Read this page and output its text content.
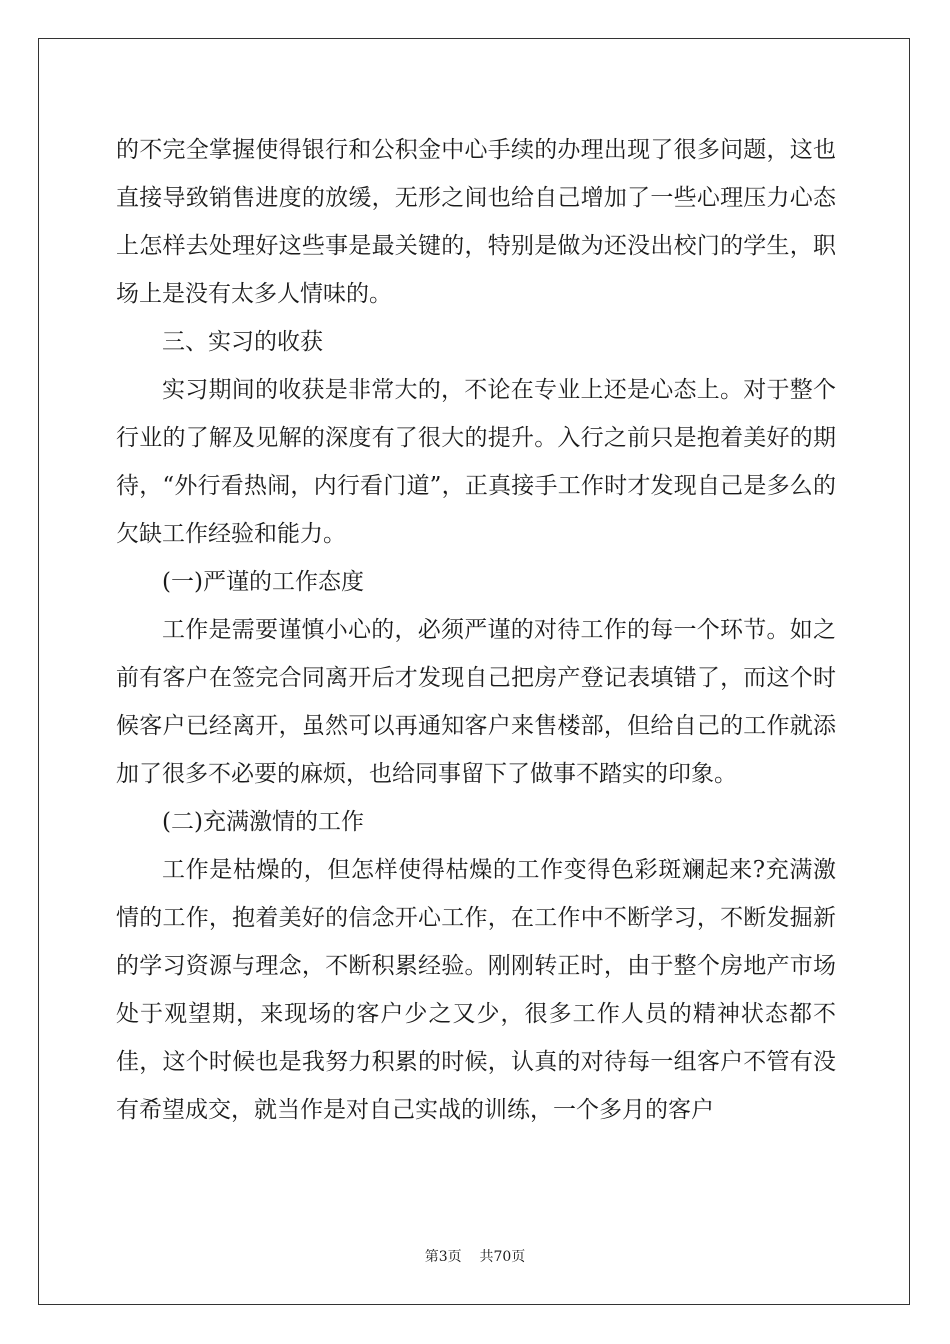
的不完全掌握使得银行和公积金中心手续的办理出现了很多问题，这也直接导致销售进度的放缓，无形之间也给自己增加了一些心理压力心态上怎样去处理好这些事是最关键的，特别是做为还没出校门的学生，职场上是没有太多人情味的。

三、实习的收获

实习期间的收获是非常大的，不论在专业上还是心态上。对于整个行业的了解及见解的深度有了很大的提升。入行之前只是抱着美好的期待，“外行看热闹，内行看门道”，正真接手工作时才发现自己是多么的欠缺工作经验和能力。

(一)严谨的工作态度

工作是需要谨慎小心的，必须严谨的对待工作的每一个环节。如之前有客户在签完合同离开后才发现自己把房产登记表填错了，而这个时候客户已经离开，虽然可以再通知客户来售楼部，但给自己的工作就添加了很多不必要的麻烦，也给同事留下了做事不踏实的印象。

(二)充满激情的工作

工作是枯燥的，但怎样使得枯燥的工作变得色彩斑斓起来?充满激情的工作，抱着美好的信念开心工作，在工作中不断学习，不断发掘新的学习资源与理念，不断积累经验。刚刚转正时，由于整个房地产市场处于观望期，来现场的客户少之又少，很多工作人员的精神状态都不佳，这个时候也是我努力积累的时候，认真的对待每一组客户不管有没有希望成交，就当作是对自己实战的训练，一个多月的客户

第3页    共70页
